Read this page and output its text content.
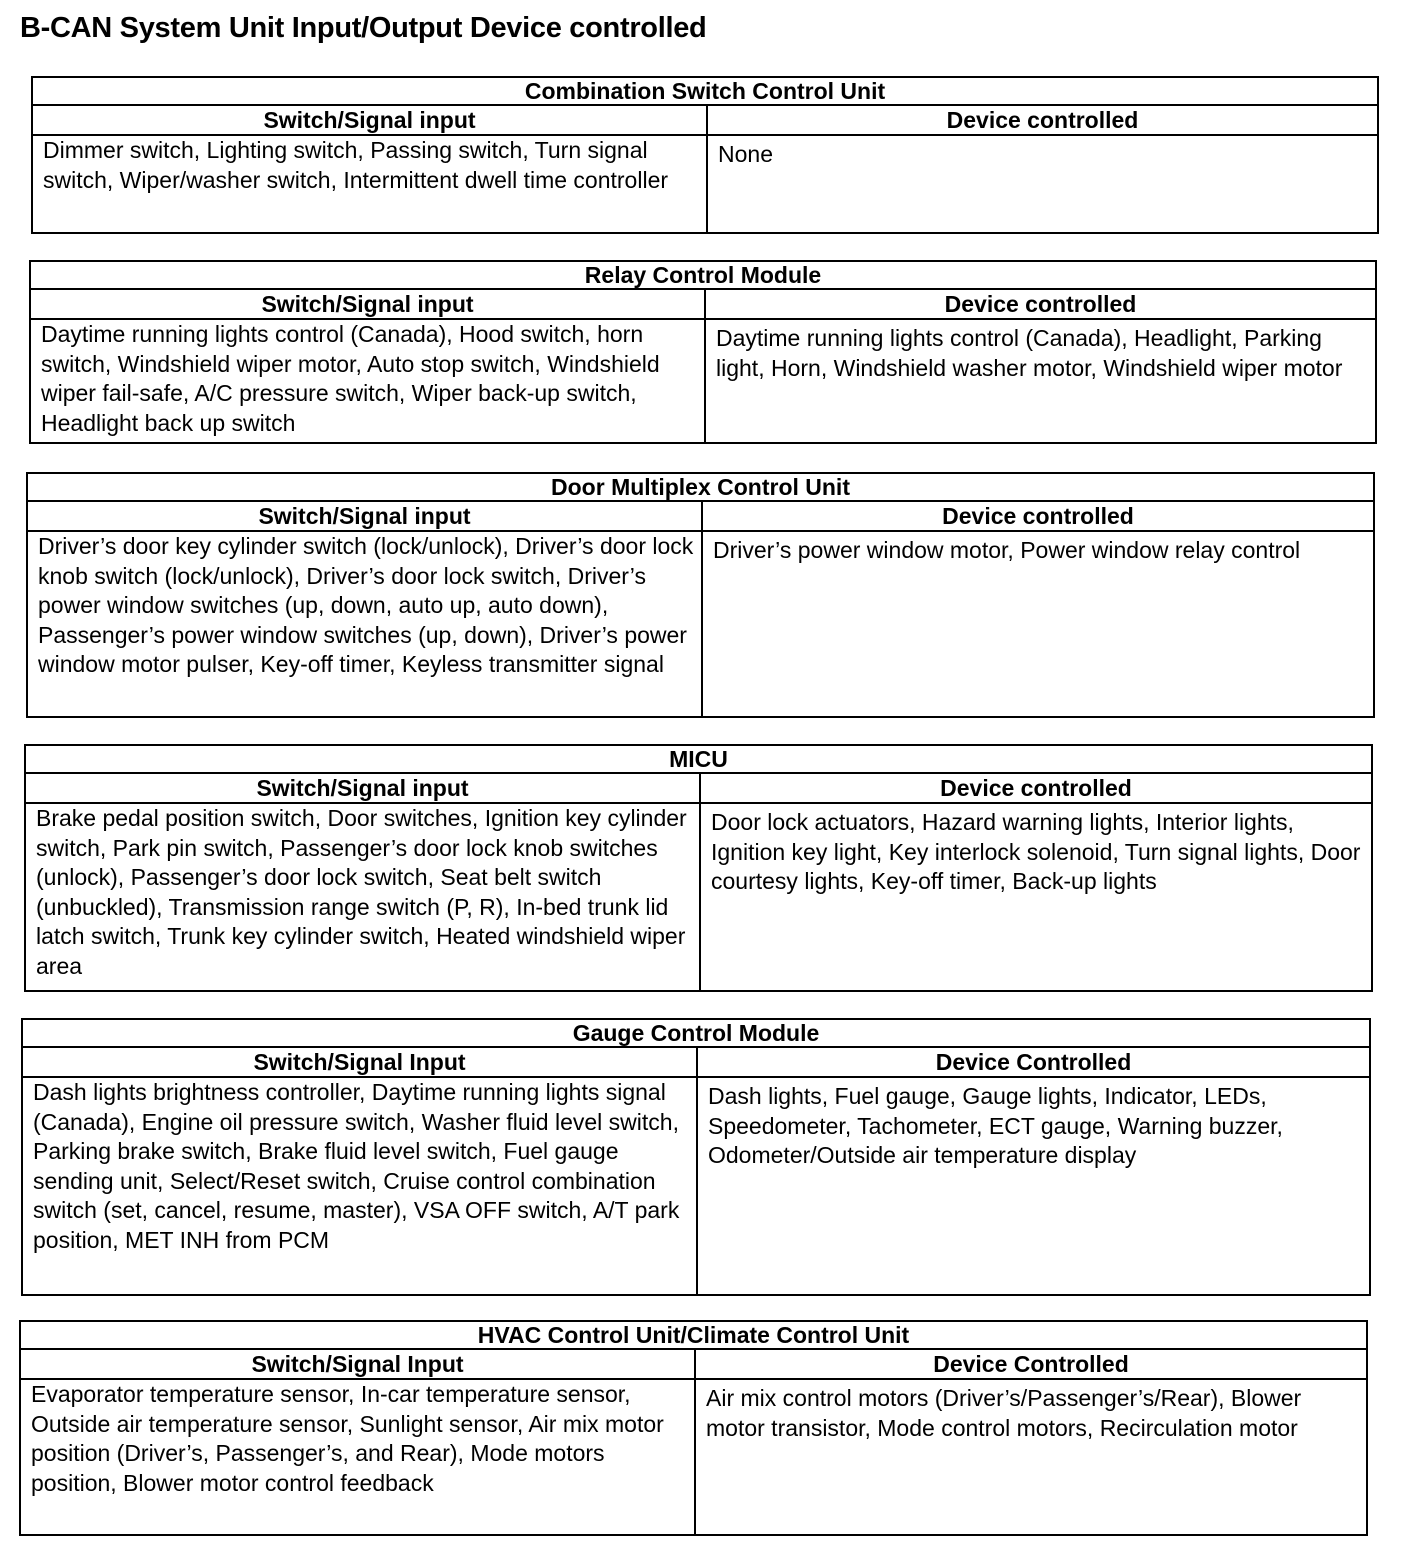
B-CAN System Unit Input/Output Device controlled
Combination Switch Control Unit	
Switch/Signal input	Device controlled
Dimmer switch, Lighting switch, Passing switch, Turn signal switch, Wiper/washer switch, Intermittent dwell time controller	None
Relay Control Module	
Switch/Signal input	Device controlled
Daytime running lights control (Canada), Hood switch, horn switch, Windshield wiper motor, Auto stop switch, Windshield wiper fail-safe, A/C pressure switch, Wiper back-up switch, Headlight back up switch	Daytime running lights control (Canada), Headlight, Parking light, Horn, Windshield washer motor, Windshield wiper motor
Door Multiplex Control Unit	
Switch/Signal input	Device controlled
Driver’s door key cylinder switch (lock/unlock), Driver’s door lock knob switch (lock/unlock), Driver’s door lock switch, Driver’s power window switches (up, down, auto up, auto down), Passenger’s power window switches (up, down), Driver’s power window motor pulser, Key-off timer, Keyless transmitter signal	Driver’s power window motor, Power window relay control
MICU	
Switch/Signal input	Device controlled
Brake pedal position switch, Door switches, Ignition key cylinder switch, Park pin switch, Passenger’s door lock knob switches (unlock), Passenger’s door lock switch, Seat belt switch (unbuckled), Transmission range switch (P, R), In-bed trunk lid latch switch, Trunk key cylinder switch, Heated windshield wiper area	Door lock actuators, Hazard warning lights, Interior lights, Ignition key light, Key interlock solenoid, Turn signal lights, Door courtesy lights, Key-off timer, Back-up lights
Gauge Control Module	
Switch/Signal Input	Device Controlled
Dash lights brightness controller, Daytime running lights signal (Canada), Engine oil pressure switch, Washer fluid level switch, Parking brake switch, Brake fluid level switch, Fuel gauge sending unit, Select/Reset switch, Cruise control combination switch (set, cancel, resume, master), VSA OFF switch, A/T park position, MET INH from PCM	Dash lights, Fuel gauge, Gauge lights, Indicator, LEDs, Speedometer, Tachometer, ECT gauge, Warning buzzer, Odometer/Outside air temperature display
HVAC Control Unit/Climate Control Unit	
Switch/Signal Input	Device Controlled
Evaporator temperature sensor, In-car temperature sensor, Outside air temperature sensor, Sunlight sensor, Air mix motor position (Driver’s, Passenger’s, and Rear), Mode motors position, Blower motor control feedback	Air mix control motors (Driver’s/Passenger’s/Rear), Blower motor transistor, Mode control motors, Recirculation motor
